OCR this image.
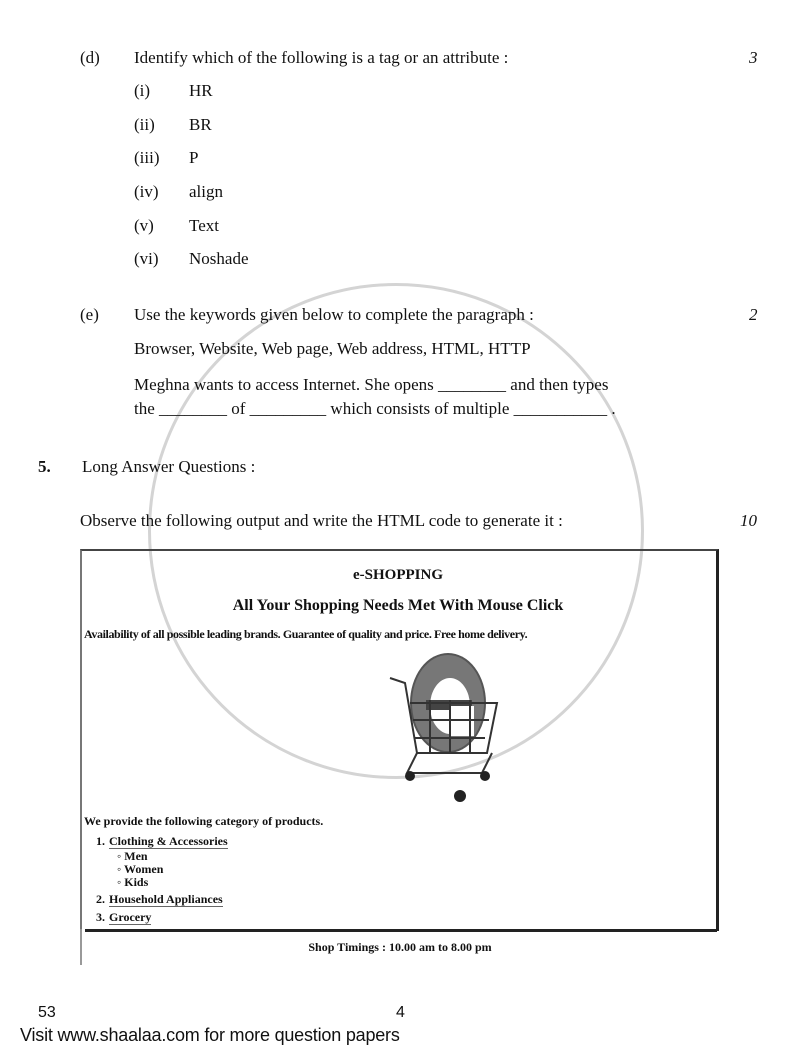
(d) Identify which of the following is a tag or an attribute :	3
(i) HR
(ii) BR
(iii) P
(iv) align
(v) Text
(vi) Noshade
(e) Use the keywords given below to complete the paragraph :	2
Browser, Website, Web page, Web address, HTML, HTTP
Meghna wants to access Internet. She opens ________ and then types
the ________ of _________ which consists of multiple ___________ .
5. Long Answer Questions :
Observe the following output and write the HTML code to generate it :	10
e-SHOPPING
All Your Shopping Needs Met With Mouse Click
Availability of all possible leading brands. Guarantee of quality and price. Free home delivery.
We provide the following category of products.
1. Clothing & Accessories
◦ Men
◦ Women
◦ Kids
2. Household Appliances
3. Grocery
Shop Timings : 10.00 am to 8.00 pm
53	4
Visit www.shaalaa.com for more question papers
